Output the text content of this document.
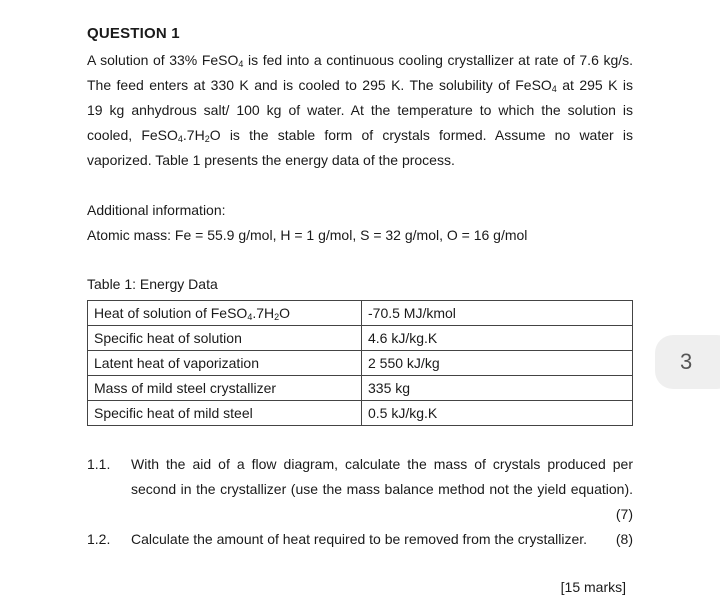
QUESTION 1
A solution of 33% FeSO$_4$ is fed into a continuous cooling crystallizer at rate of 7.6 kg/s.
The feed enters at 330 K and is cooled to 295 K. The solubility of FeSO$_4$ at 295 K is
19 kg anhydrous salt/ 100 kg of water. At the temperature to which the solution is
cooled, $FeSO_4.7H_2O$ is the stable form of crystals formed. Assume no water is
vaporized. Table 1 presents the energy data of the process.
Additional information:
Atomic mass: Fe = 55.9 g/mol, H = 1 g/mol, S = 32 g/mol, O = 16 g/mol
Table 1: Energy Data
Heat of solution of $FeSO_4.7H_2O$	-70.5 MJ/kmol
Specific heat of solution	4.6 kJ/kg.K
Latent heat of vaporization	2 550 kJ/kg
Mass of mild steel crystallizer	335 kg
Specific heat of mild steel	0.5 kJ/kg.K
1.1. With the aid of a flow diagram, calculate the mass of crystals produced per
second in the crystallizer (use the mass balance method not the yield equation).
(7)
1.2. Calculate the amount of heat required to be removed from the crystallizer.	(8)
[15 marks]
3
